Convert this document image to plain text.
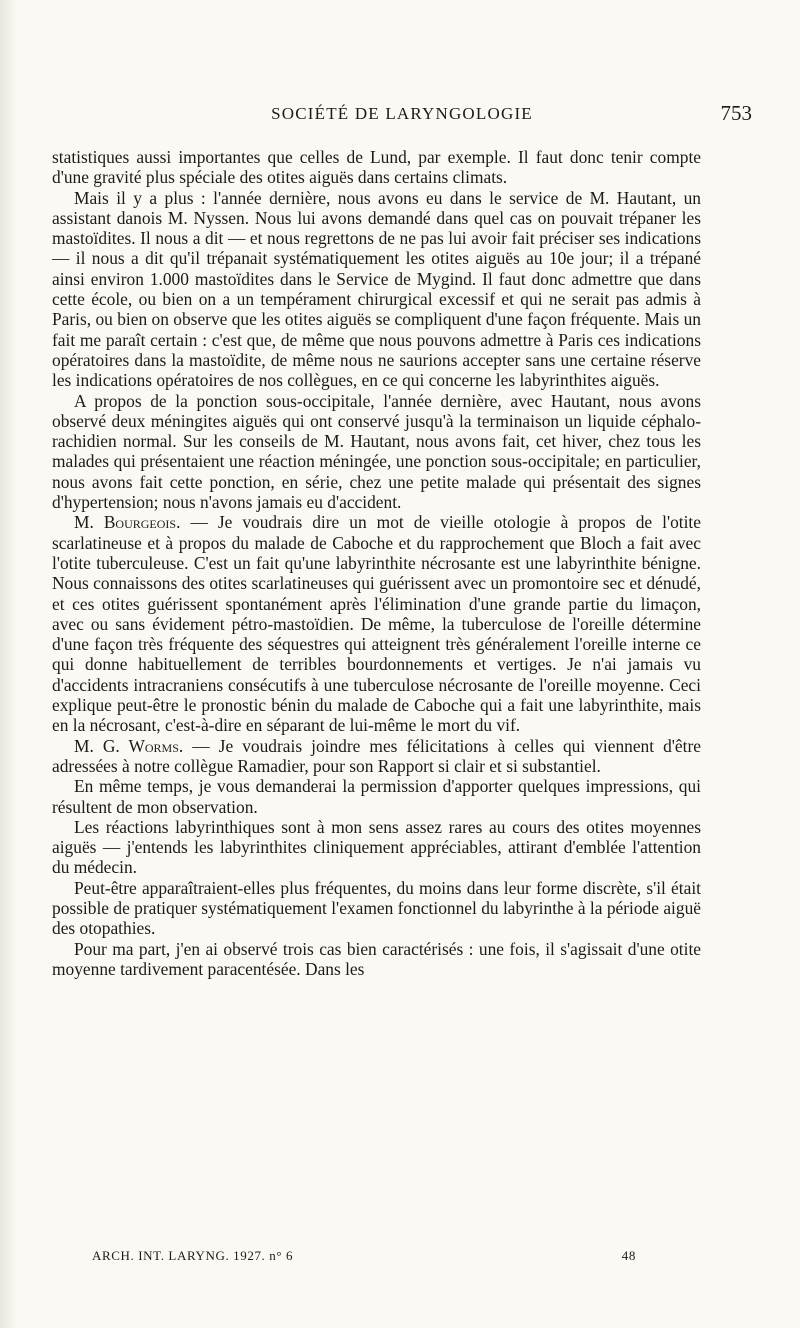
SOCIÉTÉ DE LARYNGOLOGIE	753

statistiques aussi importantes que celles de Lund, par exemple. Il faut donc tenir compte d'une gravité plus spéciale des otites aiguës dans certains climats.

Mais il y a plus : l'année dernière, nous avons eu dans le service de M. Hautant, un assistant danois M. Nyssen. Nous lui avons demandé dans quel cas on pouvait trépaner les mastoïdites. Il nous a dit — et nous regrettons de ne pas lui avoir fait préciser ses indications — il nous a dit qu'il trépanait systématiquement les otites aiguës au 10e jour; il a trépané ainsi environ 1.000 mastoïdites dans le Service de Mygind. Il faut donc admettre que dans cette école, ou bien on a un tempérament chirurgical excessif et qui ne serait pas admis à Paris, ou bien on observe que les otites aiguës se compliquent d'une façon fréquente. Mais un fait me paraît certain : c'est que, de même que nous pouvons admettre à Paris ces indications opératoires dans la mastoïdite, de même nous ne saurions accepter sans une certaine réserve les indications opératoires de nos collègues, en ce qui concerne les labyrinthites aiguës.

A propos de la ponction sous-occipitale, l'année dernière, avec Hautant, nous avons observé deux méningites aiguës qui ont conservé jusqu'à la terminaison un liquide céphalo-rachidien normal. Sur les conseils de M. Hautant, nous avons fait, cet hiver, chez tous les malades qui présentaient une réaction méningée, une ponction sous-occipitale; en particulier, nous avons fait cette ponction, en série, chez une petite malade qui présentait des signes d'hypertension; nous n'avons jamais eu d'accident.

M. Bourgeois. — Je voudrais dire un mot de vieille otologie à propos de l'otite scarlatineuse et à propos du malade de Caboche et du rapprochement que Bloch a fait avec l'otite tuberculeuse. C'est un fait qu'une labyrinthite nécrosante est une labyrinthite bénigne. Nous connaissons des otites scarlatineuses qui guérissent avec un promontoire sec et dénudé, et ces otites guérissent spontanément après l'élimination d'une grande partie du limaçon, avec ou sans évidement pétro-mastoïdien. De même, la tuberculose de l'oreille détermine d'une façon très fréquente des séquestres qui atteignent très généralement l'oreille interne ce qui donne habituellement de terribles bourdonnements et vertiges. Je n'ai jamais vu d'accidents intracraniens consécutifs à une tuberculose nécrosante de l'oreille moyenne. Ceci explique peut-être le pronostic bénin du malade de Caboche qui a fait une labyrinthite, mais en la nécrosant, c'est-à-dire en séparant de lui-même le mort du vif.

M. G. Worms. — Je voudrais joindre mes félicitations à celles qui viennent d'être adressées à notre collègue Ramadier, pour son Rapport si clair et si substantiel.

En même temps, je vous demanderai la permission d'apporter quelques impressions, qui résultent de mon observation.

Les réactions labyrinthiques sont à mon sens assez rares au cours des otites moyennes aiguës — j'entends les labyrinthites cliniquement appréciables, attirant d'emblée l'attention du médecin.

Peut-être apparaîtraient-elles plus fréquentes, du moins dans leur forme discrète, s'il était possible de pratiquer systématiquement l'examen fonctionnel du labyrinthe à la période aiguë des otopathies.

Pour ma part, j'en ai observé trois cas bien caractérisés : une fois, il s'agissait d'une otite moyenne tardivement paracentésée. Dans les

ARCH. INT. LARYNG. 1927. n° 6	48
